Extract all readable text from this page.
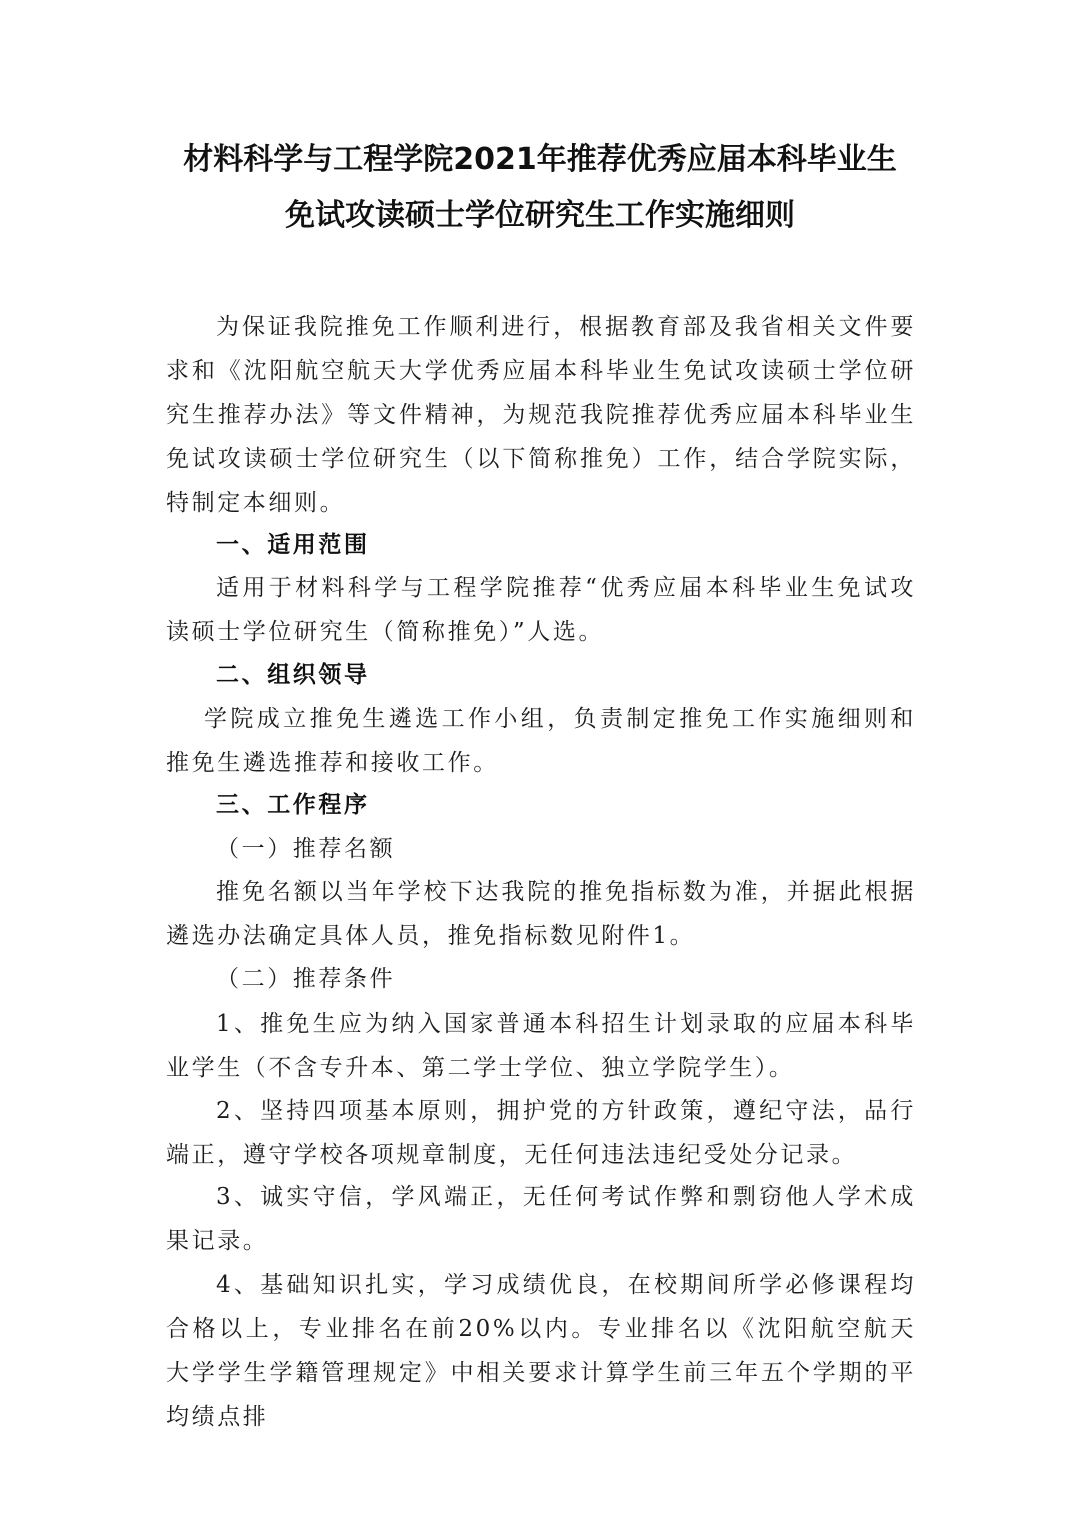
材料科学与工程学院2021年推荐优秀应届本科毕业生
免试攻读硕士学位研究生工作实施细则

为保证我院推免工作顺利进行，根据教育部及我省相关文件要求和《沈阳航空航天大学优秀应届本科毕业生免试攻读硕士学位研究生推荐办法》等文件精神，为规范我院推荐优秀应届本科毕业生免试攻读硕士学位研究生（以下简称推免）工作，结合学院实际，特制定本细则。

一、适用范围

适用于材料科学与工程学院推荐“优秀应届本科毕业生免试攻读硕士学位研究生（简称推免）”人选。

二、组织领导

学院成立推免生遴选工作小组，负责制定推免工作实施细则和推免生遴选推荐和接收工作。

三、工作程序

（一）推荐名额

推免名额以当年学校下达我院的推免指标数为准，并据此根据遴选办法确定具体人员，推免指标数见附件1。

（二）推荐条件

1、推免生应为纳入国家普通本科招生计划录取的应届本科毕业学生（不含专升本、第二学士学位、独立学院学生）。

2、坚持四项基本原则，拥护党的方针政策，遵纪守法，品行端正，遵守学校各项规章制度，无任何违法违纪受处分记录。

3、诚实守信，学风端正，无任何考试作弊和剽窃他人学术成果记录。

4、基础知识扎实，学习成绩优良，在校期间所学必修课程均合格以上，专业排名在前20%以内。专业排名以《沈阳航空航天大学学生学籍管理规定》中相关要求计算学生前三年五个学期的平均绩点排
